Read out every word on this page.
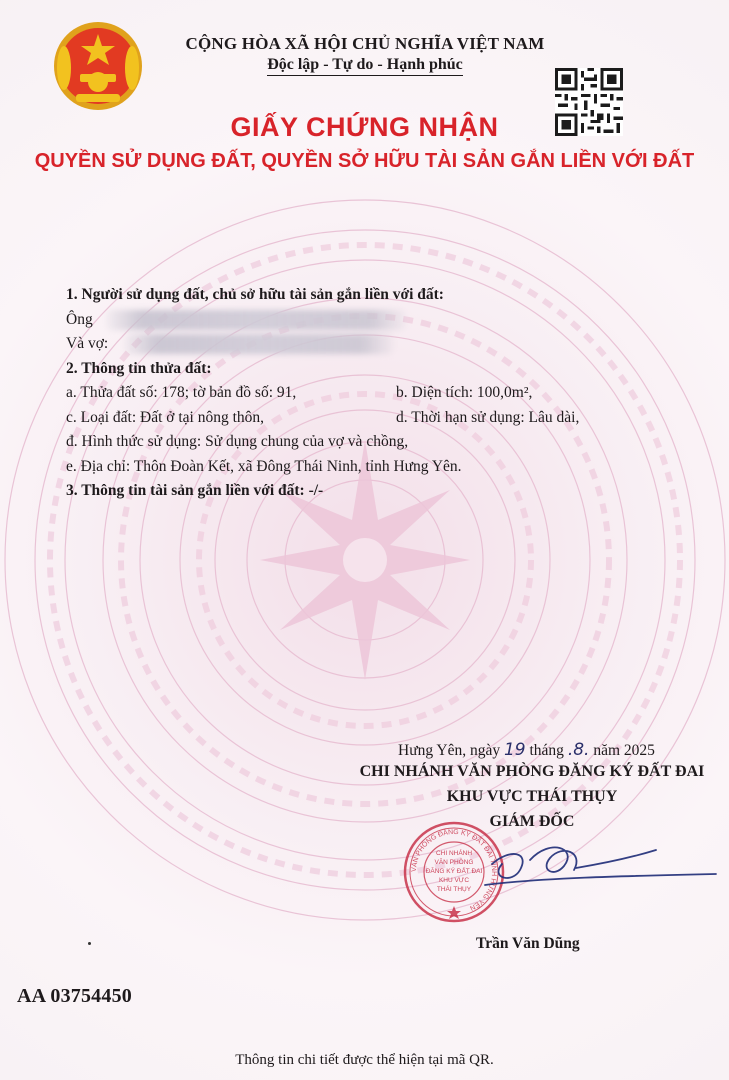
CỘNG HÒA XÃ HỘI CHỦ NGHĨA VIỆT NAM
Độc lập - Tự do - Hạnh phúc
GIẤY CHỨNG NHẬN
QUYỀN SỬ DỤNG ĐẤT, QUYỀN SỞ HỮU TÀI SẢN GẮN LIỀN VỚI ĐẤT
1. Người sử dụng đất, chủ sở hữu tài sản gắn liền với đất:
Ông
Và vợ:
2. Thông tin thửa đất:
a. Thửa đất số: 178; tờ bản đồ số: 91,	b. Diện tích: 100,0m²,
c. Loại đất: Đất ở tại nông thôn,	d. Thời hạn sử dụng: Lâu dài,
đ. Hình thức sử dụng: Sử dụng chung của vợ và chồng,
e. Địa chỉ: Thôn Đoàn Kết, xã Đông Thái Ninh, tỉnh Hưng Yên.
3. Thông tin tài sản gắn liền với đất: -/-
Hưng Yên, ngày 19 tháng .8. năm 2025
CHI NHÁNH VĂN PHÒNG ĐĂNG KÝ ĐẤT ĐAI
KHU VỰC THÁI THỤY
GIÁM ĐỐC
VĂN PHÒNG ĐĂNG KÝ ĐẤT ĐAI TỈNH HƯNG YÊN
CHI NHÁNH
VĂN PHÒNG
ĐĂNG KÝ ĐẤT ĐAI
KHU VỰC
THÁI THỤY
Trần Văn Dũng
AA 03754450
Thông tin chi tiết được thể hiện tại mã QR.
